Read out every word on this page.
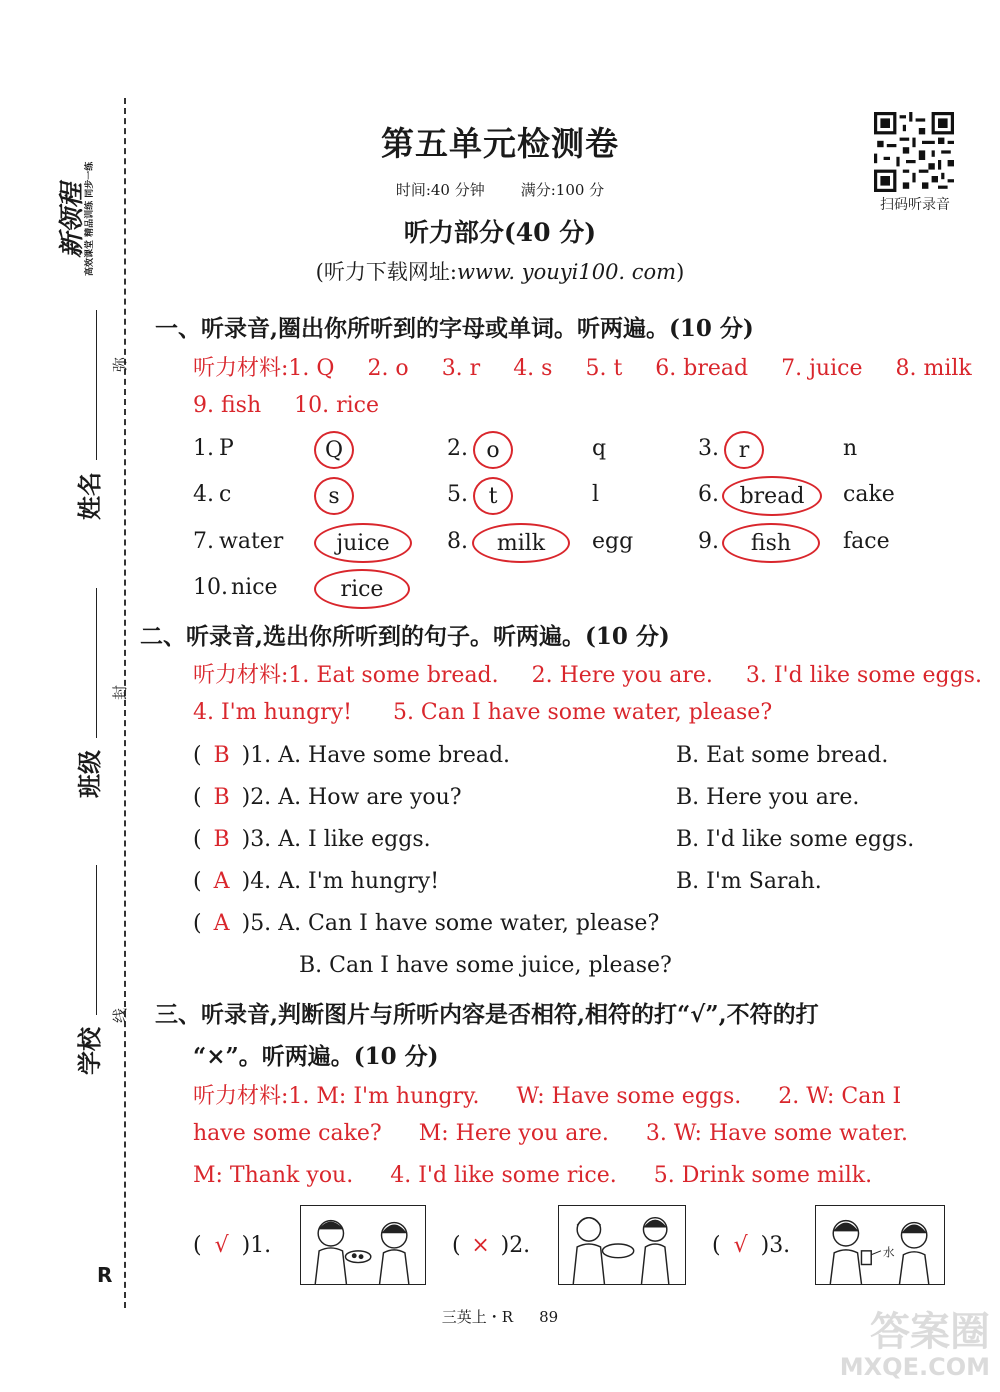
新领程 高效课堂 精品训练 同步一练
姓名
班级
学校
弥
封
线
R
第五单元检测卷
时间:40 分钟 满分:100 分
听力部分(40 分)
(听力下载网址:www. youyi100. com)
扫码听录音
一、听录音,圈出你所听到的字母或单词。听两遍。(10 分)
听力材料:1. Q 2. o 3. r 4. s 5. t 6. bread 7. juice 8. milk
9. fish 10. rice
1. P	Q	2. o	q	3. r	n
4. c	s	5. t	l	6. bread	cake
7. water	juice	8.	milk	egg	9.	fish	face
10. nice	rice
二、听录音,选出你所听到的句子。听两遍。(10 分)
听力材料:1. Eat some bread. 2. Here you are. 3. I'd like some eggs.
4. I'm hungry! 5. Can I have some water, please?
( B )1. A. Have some bread.	B. Eat some bread.
( B )2. A. How are you?	B. Here you are.
( B )3. A. I like eggs.	B. I'd like some eggs.
( A )4. A. I'm hungry!	B. I'm Sarah.
( A )5. A. Can I have some water, please?
B. Can I have some juice, please?
三、听录音,判断图片与所听内容是否相符,相符的打“√”,不符的打
“×”。听两遍。(10 分)
听力材料:1. M: I'm hungry. W: Have some eggs. 2. W: Can I
have some cake? M: Here you are. 3. W: Have some water.
M: Thank you. 4. I'd like some rice. 5. Drink some milk.
( √ )1.	( × )2.	( √ )3.	水
三英上・R 89	答案圈
MXQE.COM
